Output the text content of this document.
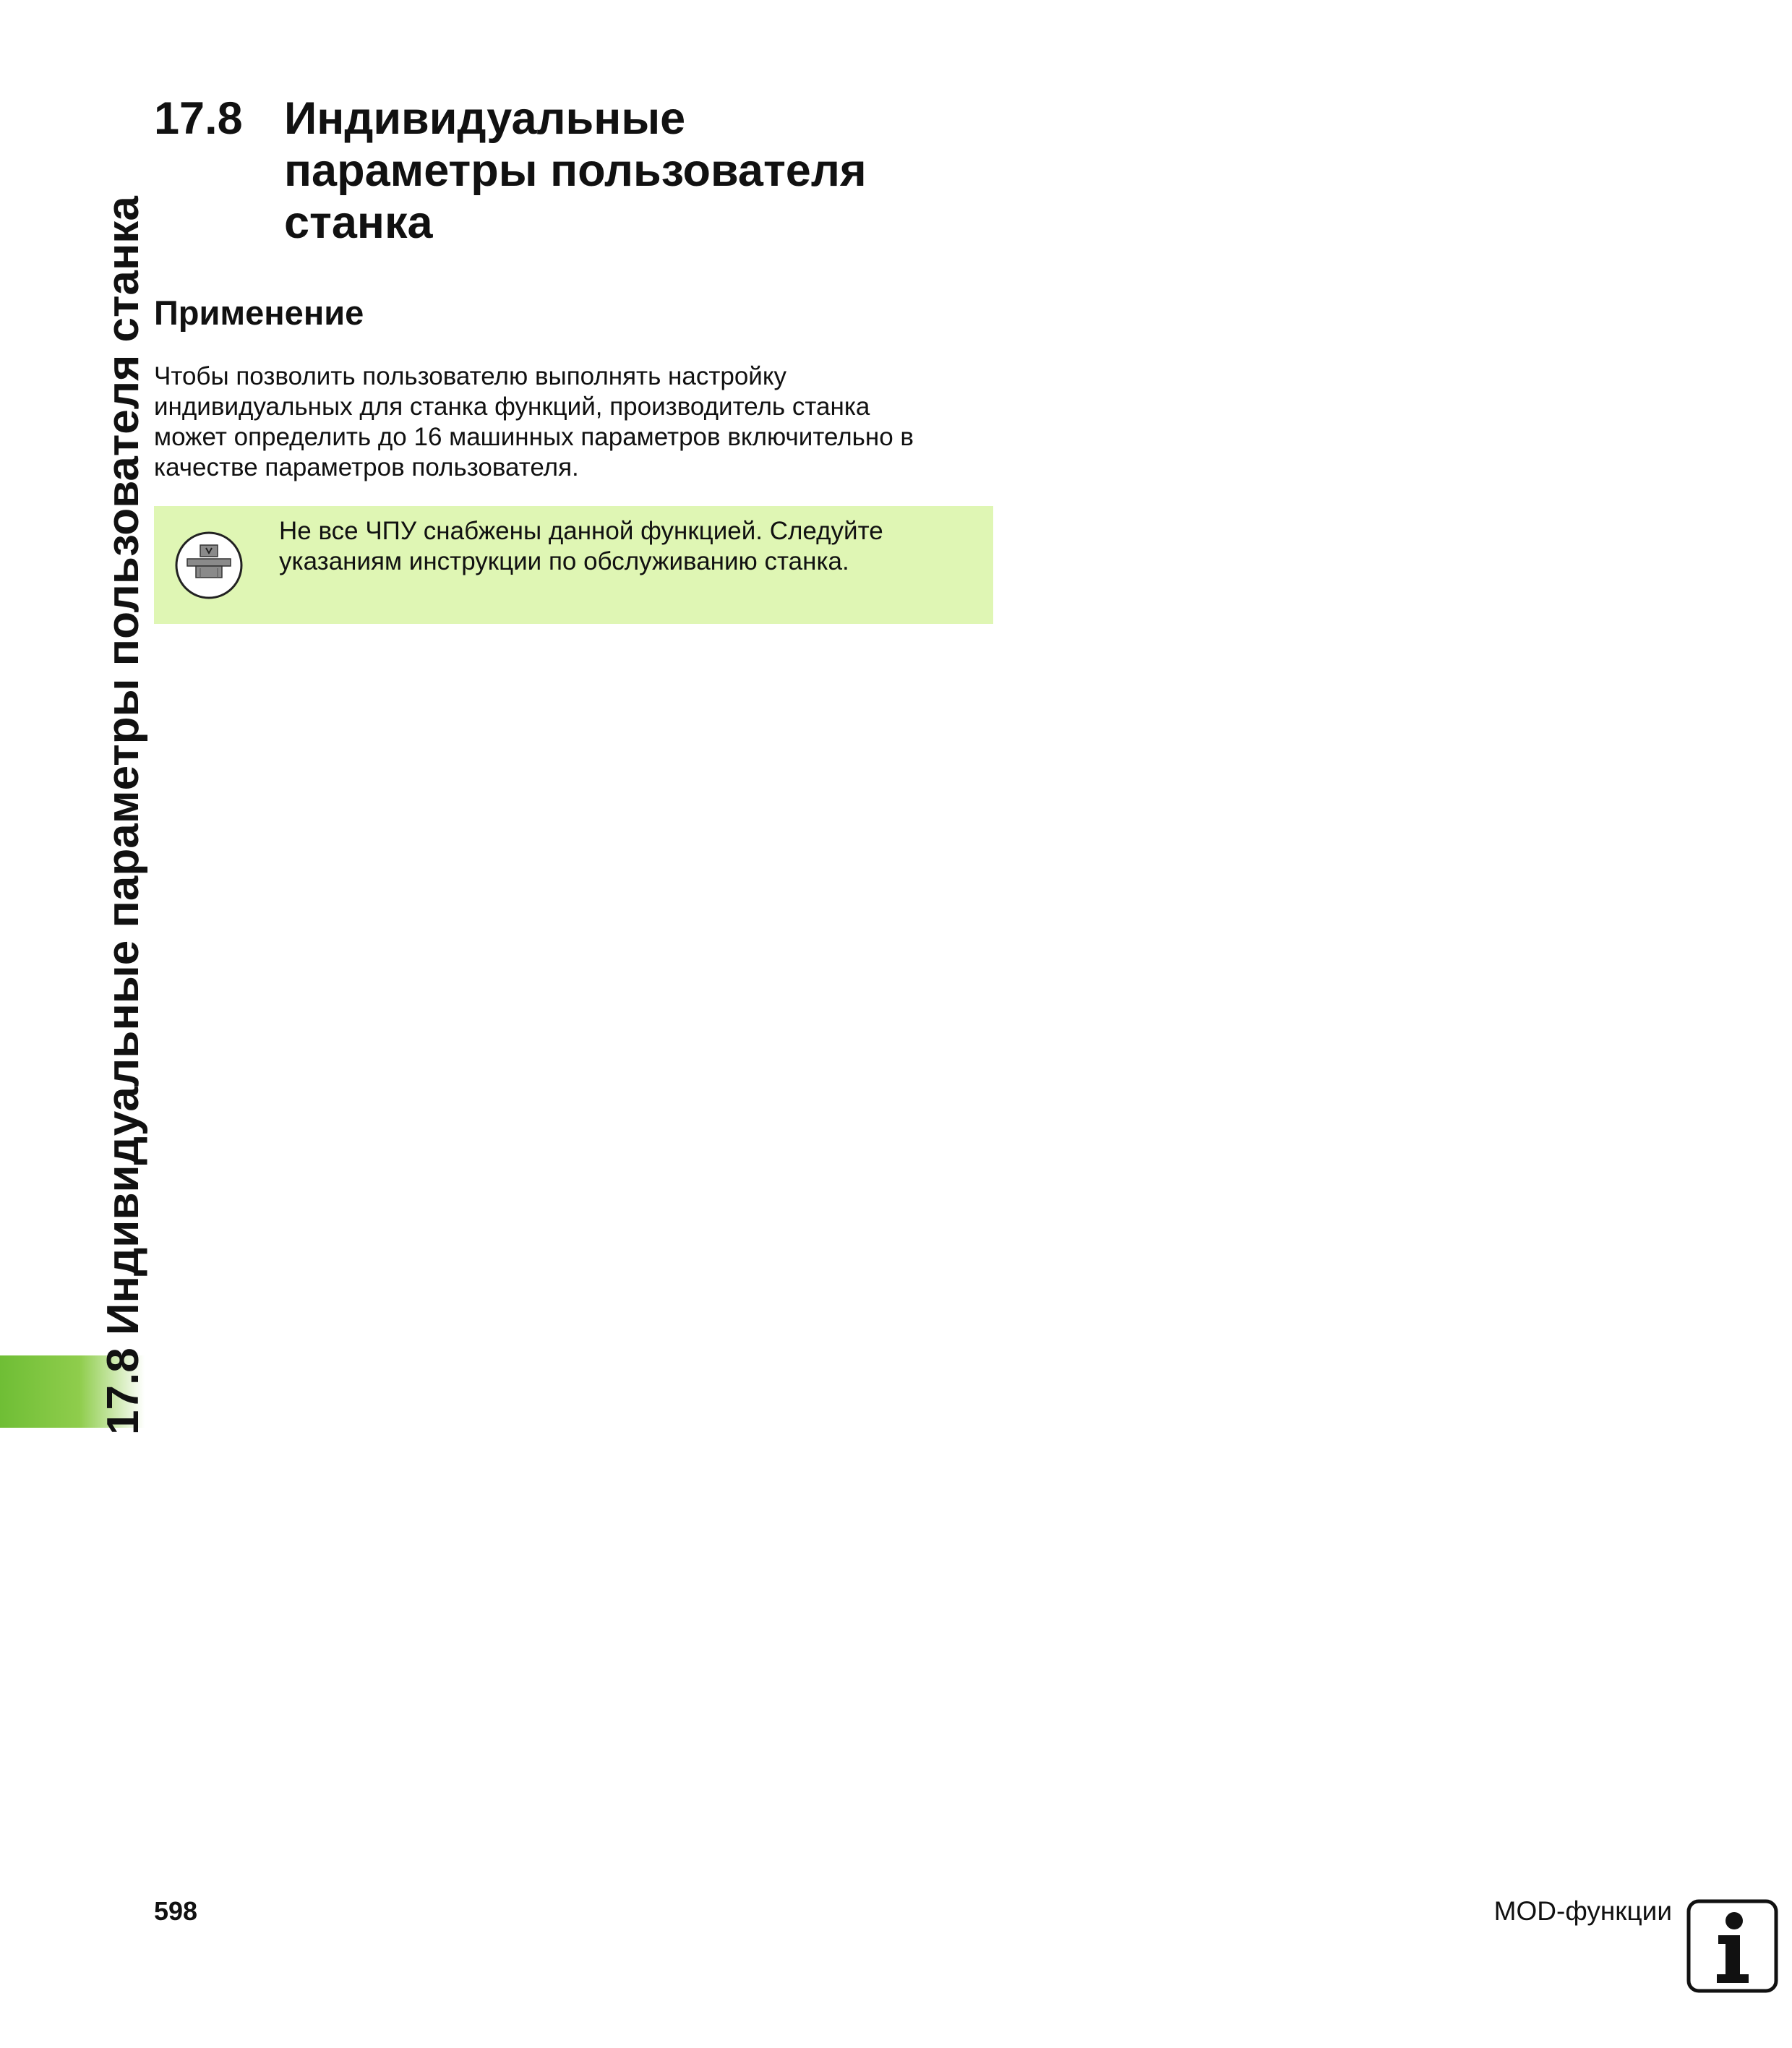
17.8 Индивидуальные параметры пользователя станка
17.8 Индивидуальные
параметры пользователя
станка
Применение
Чтобы позволить пользователю выполнять настройку
индивидуальных для станка функций, производитель станка
может определить до 16 машинных параметров включительно в
качестве параметров пользователя.
Не все ЧПУ снабжены данной функцией. Следуйте
указаниям инструкции по обслуживанию станка.
598	MOD-функции
